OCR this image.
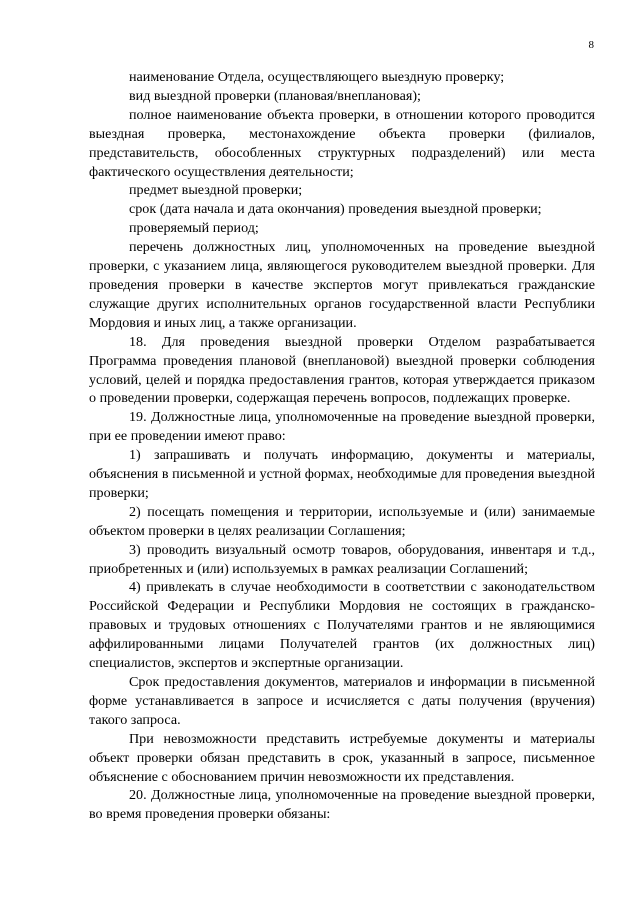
8

наименование Отдела, осуществляющего выездную проверку;

вид выездной проверки (плановая/внеплановая);

полное наименование объекта проверки, в отношении которого проводится выездная проверка, местонахождение объекта проверки (филиалов, представительств, обособленных структурных подразделений) или места фактического осуществления деятельности;

предмет выездной проверки;

срок (дата начала и дата окончания) проведения выездной проверки;

проверяемый период;

перечень должностных лиц, уполномоченных на проведение выездной проверки, с указанием лица, являющегося руководителем выездной проверки. Для проведения проверки в качестве экспертов могут привлекаться гражданские служащие других исполнительных органов государственной власти Республики Мордовия и иных лиц, а также организации.

18. Для проведения выездной проверки Отделом разрабатывается Программа проведения плановой (внеплановой) выездной проверки соблюдения условий, целей и порядка предоставления грантов, которая утверждается приказом о проведении проверки, содержащая перечень вопросов, подлежащих проверке.

19. Должностные лица, уполномоченные на проведение выездной проверки, при ее проведении имеют право:

1) запрашивать и получать информацию, документы и материалы, объяснения в письменной и устной формах, необходимые для проведения выездной проверки;

2) посещать помещения и территории, используемые и (или) занимаемые объектом проверки в целях реализации Соглашения;

3) проводить визуальный осмотр товаров, оборудования, инвентаря и т.д., приобретенных и (или) используемых в рамках реализации Соглашений;

4) привлекать в случае необходимости в соответствии с законодательством Российской Федерации и Республики Мордовия не состоящих в гражданско-правовых и трудовых отношениях с Получателями грантов и не являющимися аффилированными лицами Получателей грантов (их должностных лиц) специалистов, экспертов и экспертные организации.

Срок предоставления документов, материалов и информации в письменной форме устанавливается в запросе и исчисляется с даты получения (вручения) такого запроса.

При невозможности представить истребуемые документы и материалы объект проверки обязан представить в срок, указанный в запросе, письменное объяснение с обоснованием причин невозможности их представления.

20. Должностные лица, уполномоченные на проведение выездной проверки, во время проведения проверки обязаны:
